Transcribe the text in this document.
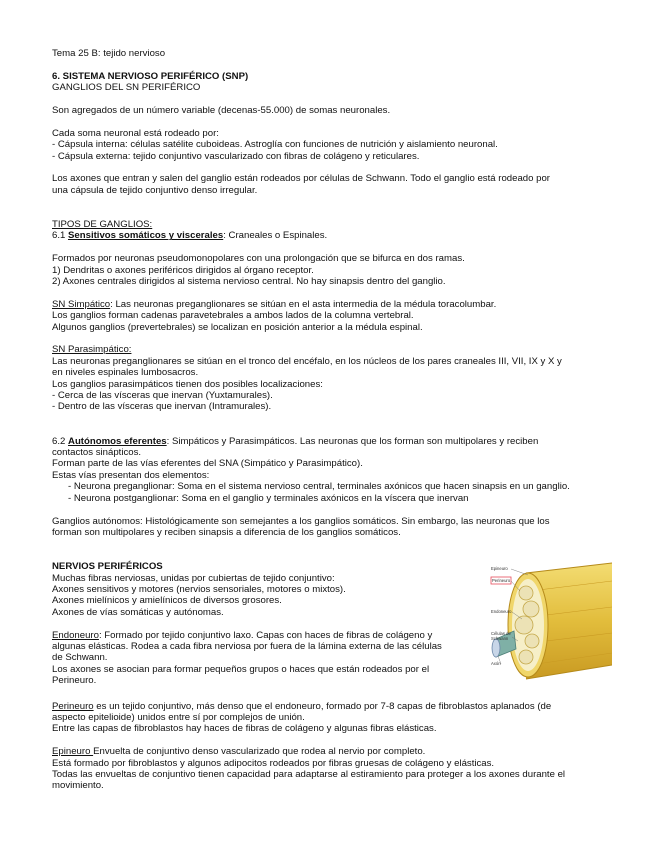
Tema 25 B: tejido nervioso

6. SISTEMA NERVIOSO PERIFÉRICO (SNP)

GANGLIOS DEL SN PERIFÉRICO

Son agregados de un número variable (decenas-55.000) de somas neuronales.

Cada soma neuronal está rodeado por:

- Cápsula interna: células satélite cuboideas. Astroglía con funciones de nutrición y aislamiento neuronal.

- Cápsula externa: tejido conjuntivo vascularizado con fibras de colágeno y reticulares.

Los axones que entran y salen del ganglio están rodeados por células de Schwann. Todo el ganglio está rodeado por

una cápsula de tejido conjuntivo denso irregular.

TIPOS DE GANGLIOS:

6.1 Sensitivos somáticos y viscerales: Craneales o Espinales.

Formados por neuronas pseudomonopolares con una prolongación que se bifurca en dos ramas.

1) Dendritas o axones periféricos dirigidos al órgano receptor.

2) Axones centrales dirigidos al sistema nervioso central. No hay sinapsis dentro del ganglio.

SN Simpático: Las neuronas preganglionares se sitúan en el asta intermedia de la médula toracolumbar.

Los ganglios forman cadenas paravetebrales a ambos lados de la columna vertebral.

Algunos ganglios (prevertebrales) se localizan en posición anterior a la médula espinal.

SN Parasimpático:

Las neuronas preganglionares se sitúan en el tronco del encéfalo, en los núcleos de los pares craneales III, VII, IX y X y

en niveles espinales lumbosacros.

Los ganglios parasimpáticos tienen dos posibles localizaciones:

- Cerca de las vísceras que inervan (Yuxtamurales).

- Dentro de las vísceras que inervan (Intramurales).

6.2 Autónomos eferentes: Simpáticos y Parasimpáticos. Las neuronas que los forman son multipolares y reciben

contactos sinápticos.

Forman parte de las vías eferentes del SNA (Simpático y Parasimpático).

Estas vías presentan dos elementos:

- Neurona preganglionar: Soma en el sistema nervioso central, terminales axónicos que hacen sinapsis en un ganglio.

- Neurona postganglionar: Soma en el ganglio y terminales axónicos en la víscera que inervan

Ganglios autónomos: Histológicamente son semejantes a los ganglios somáticos. Sin embargo, las neuronas que los

forman son multipolares y reciben sinapsis a diferencia de los ganglios somáticos.

Epineuro
Perineuro
Endoneuro
Células de
Schwann
Axón

NERVIOS PERIFÉRICOS

Muchas fibras nerviosas, unidas por cubiertas de tejido conjuntivo:

Axones sensitivos y motores (nervios sensoriales, motores o mixtos).

Axones mielínicos y amielínicos de diversos grosores.

Axones de vías somáticas y autónomas.

Endoneuro: Formado por tejido conjuntivo laxo. Capas con haces de fibras de colágeno y

algunas elásticas. Rodea a cada fibra nerviosa por fuera de la lámina externa de las células

de Schwann.

Los axones se asocian para formar pequeños grupos o haces que están rodeados por el

Perineuro.

Perineuro es un tejido conjuntivo, más denso que el endoneuro, formado por 7-8 capas de fibroblastos aplanados (de

aspecto epitelioide) unidos entre sí por complejos de unión.

Entre las capas de fibroblastos hay haces de fibras de colágeno y algunas fibras elásticas.

Epineuro Envuelta de conjuntivo denso vascularizado que rodea al nervio por completo.

Está formado por fibroblastos y algunos adipocitos rodeados por fibras gruesas de colágeno y elásticas.

Todas las envueltas de conjuntivo tienen capacidad para adaptarse al estiramiento para proteger a los axones durante el

movimiento.
